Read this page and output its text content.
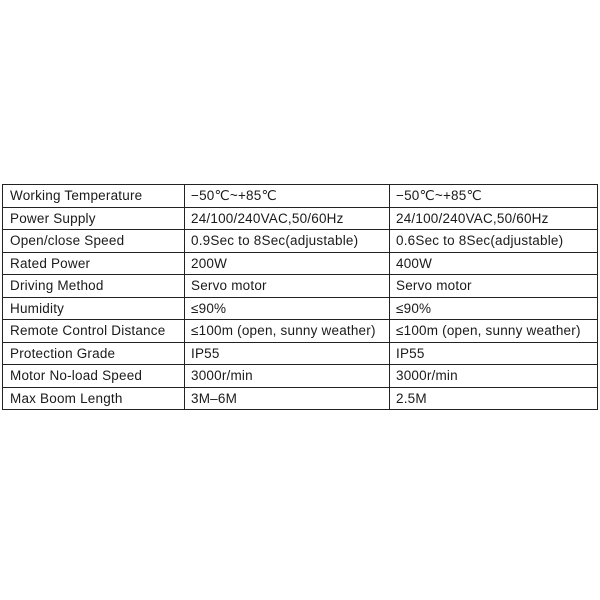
Working Temperature	−50℃~+85℃	−50℃~+85℃
Power Supply	24/100/240VAC,50/60Hz	24/100/240VAC,50/60Hz
Open/close Speed	0.9Sec to 8Sec(adjustable)	0.6Sec to 8Sec(adjustable)
Rated Power	200W	400W
Driving Method	Servo motor	Servo motor
Humidity	≤90%	≤90%
Remote Control Distance	≤100m (open, sunny weather)	≤100m (open, sunny weather)
Protection Grade	IP55	IP55
Motor No-load Speed	3000r/min	3000r/min
Max Boom Length	3M–6M	2.5M
